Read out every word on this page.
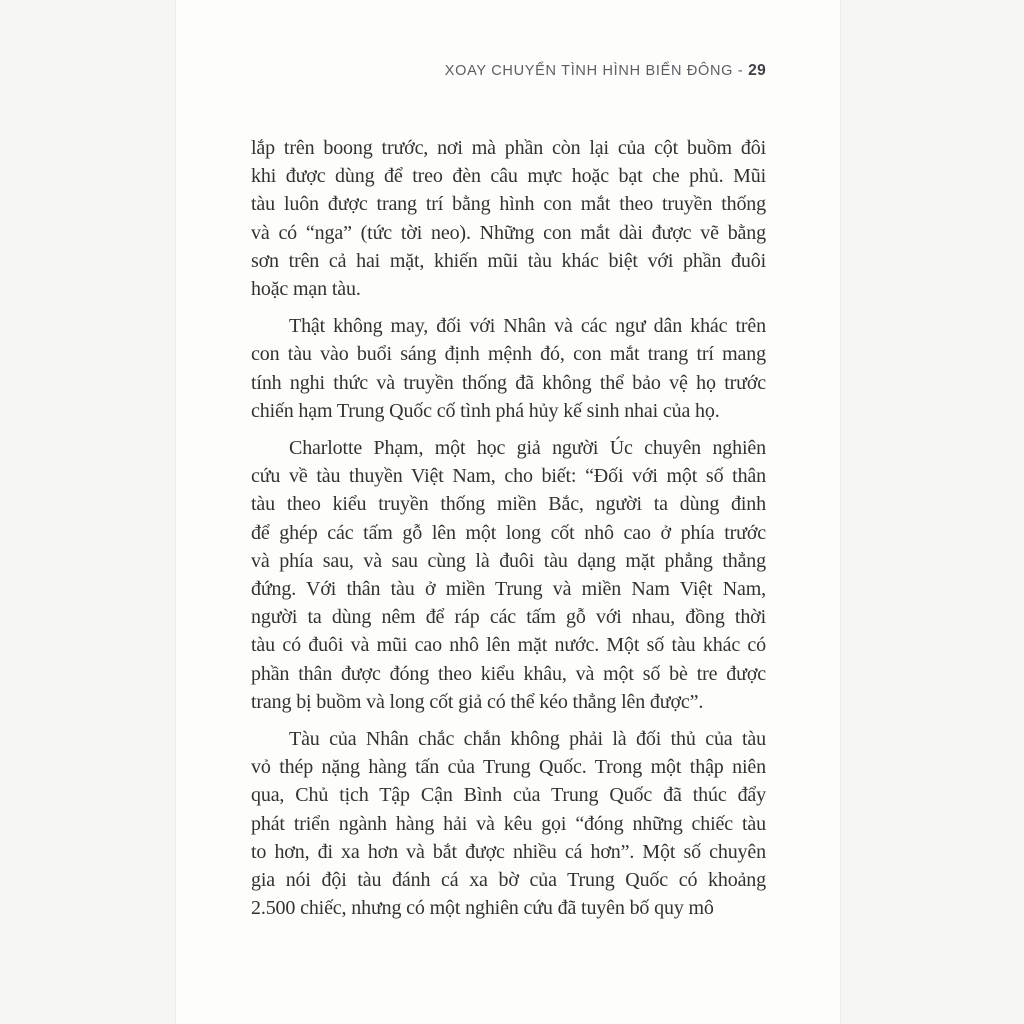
XOAY CHUYỂN TÌNH HÌNH BIỂN ĐÔNG - 29
lắp trên boong trước, nơi mà phần còn lại của cột buồm đôi
khi được dùng để treo đèn câu mực hoặc bạt che phủ. Mũi
tàu luôn được trang trí bằng hình con mắt theo truyền thống
và có “nga” (tức tời neo). Những con mắt dài được vẽ bằng
sơn trên cả hai mặt, khiến mũi tàu khác biệt với phần đuôi
hoặc mạn tàu.
Thật không may, đối với Nhân và các ngư dân khác trên
con tàu vào buổi sáng định mệnh đó, con mắt trang trí mang
tính nghi thức và truyền thống đã không thể bảo vệ họ trước
chiến hạm Trung Quốc cố tình phá hủy kế sinh nhai của họ.
Charlotte Phạm, một học giả người Úc chuyên nghiên
cứu về tàu thuyền Việt Nam, cho biết: “Đối với một số thân
tàu theo kiểu truyền thống miền Bắc, người ta dùng đinh
để ghép các tấm gỗ lên một long cốt nhô cao ở phía trước
và phía sau, và sau cùng là đuôi tàu dạng mặt phẳng thẳng
đứng. Với thân tàu ở miền Trung và miền Nam Việt Nam,
người ta dùng nêm để ráp các tấm gỗ với nhau, đồng thời
tàu có đuôi và mũi cao nhô lên mặt nước. Một số tàu khác có
phần thân được đóng theo kiểu khâu, và một số bè tre được
trang bị buồm và long cốt giả có thể kéo thẳng lên được”.
Tàu của Nhân chắc chắn không phải là đối thủ của tàu
vỏ thép nặng hàng tấn của Trung Quốc. Trong một thập niên
qua, Chủ tịch Tập Cận Bình của Trung Quốc đã thúc đẩy
phát triển ngành hàng hải và kêu gọi “đóng những chiếc tàu
to hơn, đi xa hơn và bắt được nhiều cá hơn”. Một số chuyên
gia nói đội tàu đánh cá xa bờ của Trung Quốc có khoảng
2.500 chiếc, nhưng có một nghiên cứu đã tuyên bố quy mô
